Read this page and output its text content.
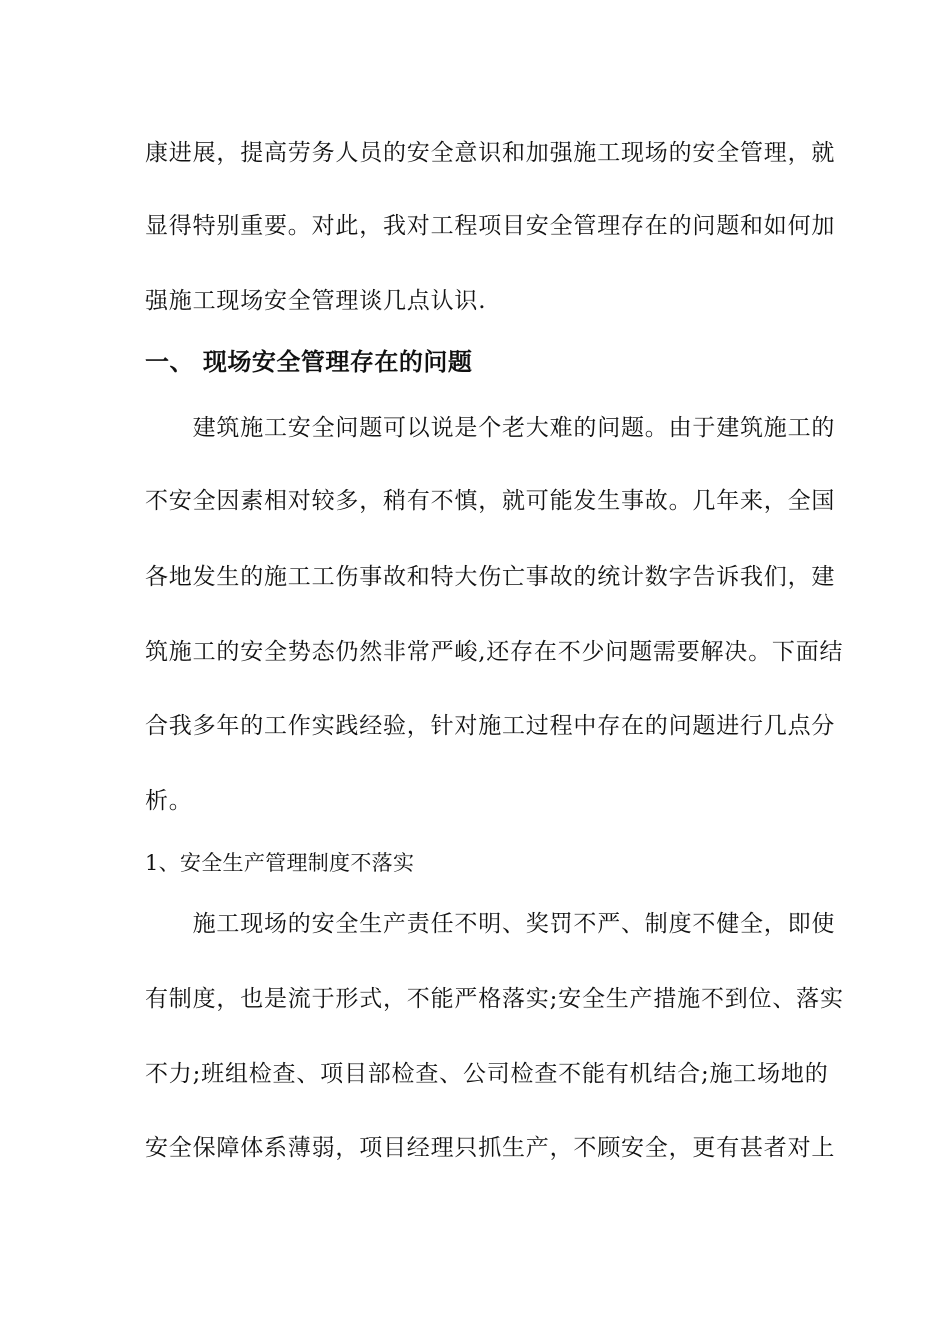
康进展，提高劳务人员的安全意识和加强施工现场的安全管理，就
显得特别重要。对此，我对工程项目安全管理存在的问题和如何加
强施工现场安全管理谈几点认识.
一、 现场安全管理存在的问题
　　建筑施工安全问题可以说是个老大难的问题。由于建筑施工的
不安全因素相对较多，稍有不慎，就可能发生事故。几年来，全国
各地发生的施工工伤事故和特大伤亡事故的统计数字告诉我们，建
筑施工的安全势态仍然非常严峻,还存在不少问题需要解决。下面结
合我多年的工作实践经验，针对施工过程中存在的问题进行几点分
析。
1、安全生产管理制度不落实
　　施工现场的安全生产责任不明、奖罚不严、制度不健全，即使
有制度，也是流于形式，不能严格落实;安全生产措施不到位、落实
不力;班组检查、项目部检查、公司检查不能有机结合;施工场地的
安全保障体系薄弱，项目经理只抓生产，不顾安全，更有甚者对上
